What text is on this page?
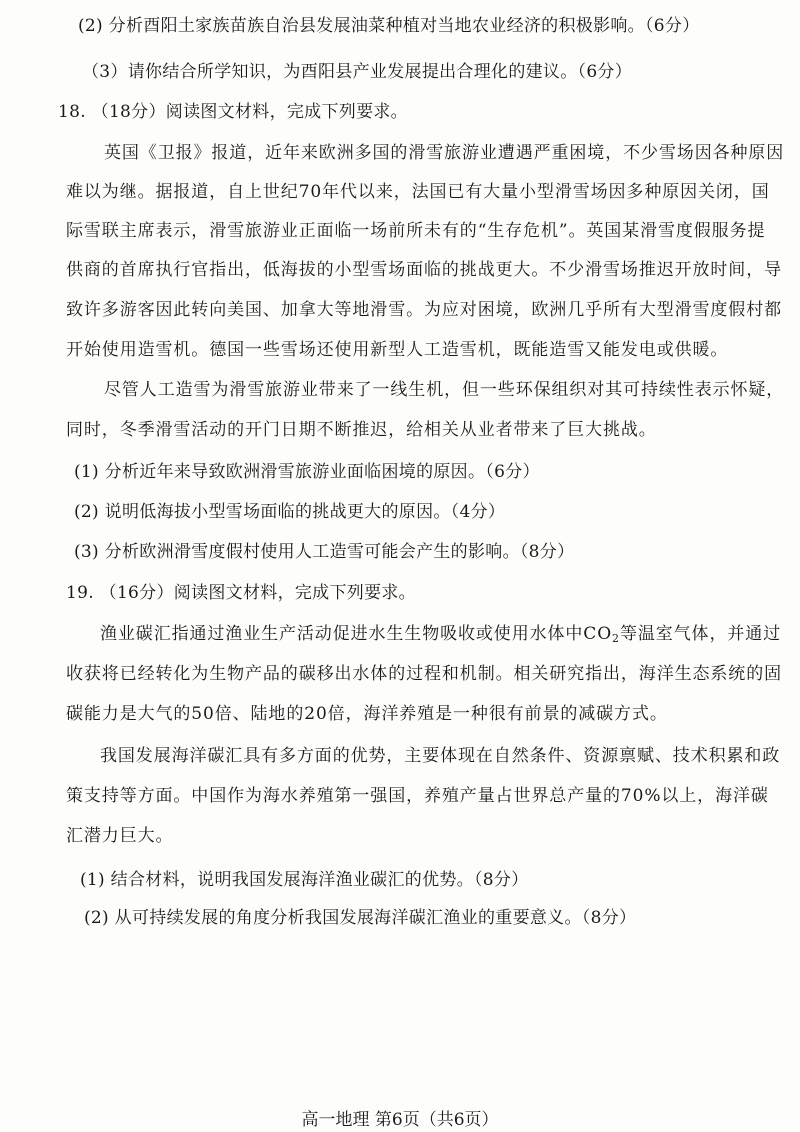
(2) 分析酉阳土家族苗族自治县发展油菜种植对当地农业经济的积极影响。（6分）
（3）请你结合所学知识，为酉阳县产业发展提出合理化的建议。（6分）
18. （18分）阅读图文材料，完成下列要求。
英国《卫报》报道，近年来欧洲多国的滑雪旅游业遭遇严重困境，不少雪场因各种原因
难以为继。据报道，自上世纪70年代以来，法国已有大量小型滑雪场因多种原因关闭，国
际雪联主席表示，滑雪旅游业正面临一场前所未有的“生存危机”。英国某滑雪度假服务提
供商的首席执行官指出，低海拔的小型雪场面临的挑战更大。不少滑雪场推迟开放时间，导
致许多游客因此转向美国、加拿大等地滑雪。为应对困境，欧洲几乎所有大型滑雪度假村都
开始使用造雪机。德国一些雪场还使用新型人工造雪机，既能造雪又能发电或供暖。
尽管人工造雪为滑雪旅游业带来了一线生机，但一些环保组织对其可持续性表示怀疑，
同时，冬季滑雪活动的开门日期不断推迟，给相关从业者带来了巨大挑战。
(1) 分析近年来导致欧洲滑雪旅游业面临困境的原因。（6分）
(2) 说明低海拔小型雪场面临的挑战更大的原因。（4分）
(3) 分析欧洲滑雪度假村使用人工造雪可能会产生的影响。（8分）
19. （16分）阅读图文材料，完成下列要求。
渔业碳汇指通过渔业生产活动促进水生生物吸收或使用水体中$CO_2$等温室气体，并通过
收获将已经转化为生物产品的碳移出水体的过程和机制。相关研究指出，海洋生态系统的固
碳能力是大气的50倍、陆地的20倍，海洋养殖是一种很有前景的减碳方式。
我国发展海洋碳汇具有多方面的优势，主要体现在自然条件、资源禀赋、技术积累和政
策支持等方面。中国作为海水养殖第一强国，养殖产量占世界总产量的70%以上，海洋碳
汇潜力巨大。
(1) 结合材料，说明我国发展海洋渔业碳汇的优势。（8分）
(2) 从可持续发展的角度分析我国发展海洋碳汇渔业的重要意义。（8分）
高一地理 第6页（共6页）
